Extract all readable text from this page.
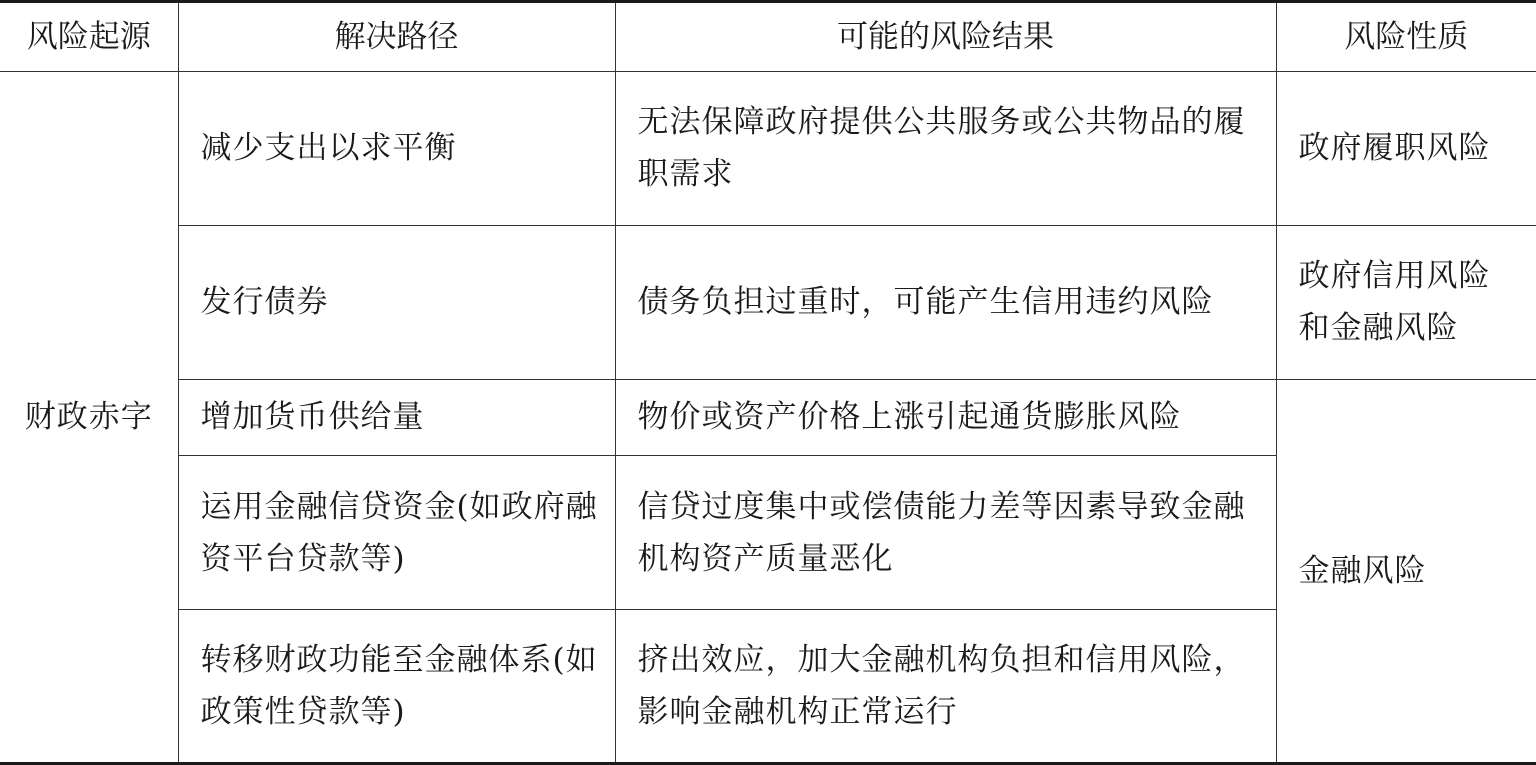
风险起源	解决路径	可能的风险结果	风险性质

财政赤字	减少支出以求平衡	无法保障政府提供公共服务或公共物品的履职需求	政府履职风险

	发行债券	债务负担过重时，可能产生信用违约风险	政府信用风险和金融风险

	增加货币供给量	物价或资产价格上涨引起通货膨胀风险	金融风险

	运用金融信贷资金(如政府融资平台贷款等)	信贷过度集中或偿债能力差等因素导致金融机构资产质量恶化	

	转移财政功能至金融体系(如政策性贷款等)	挤出效应，加大金融机构负担和信用风险，影响金融机构正常运行	
